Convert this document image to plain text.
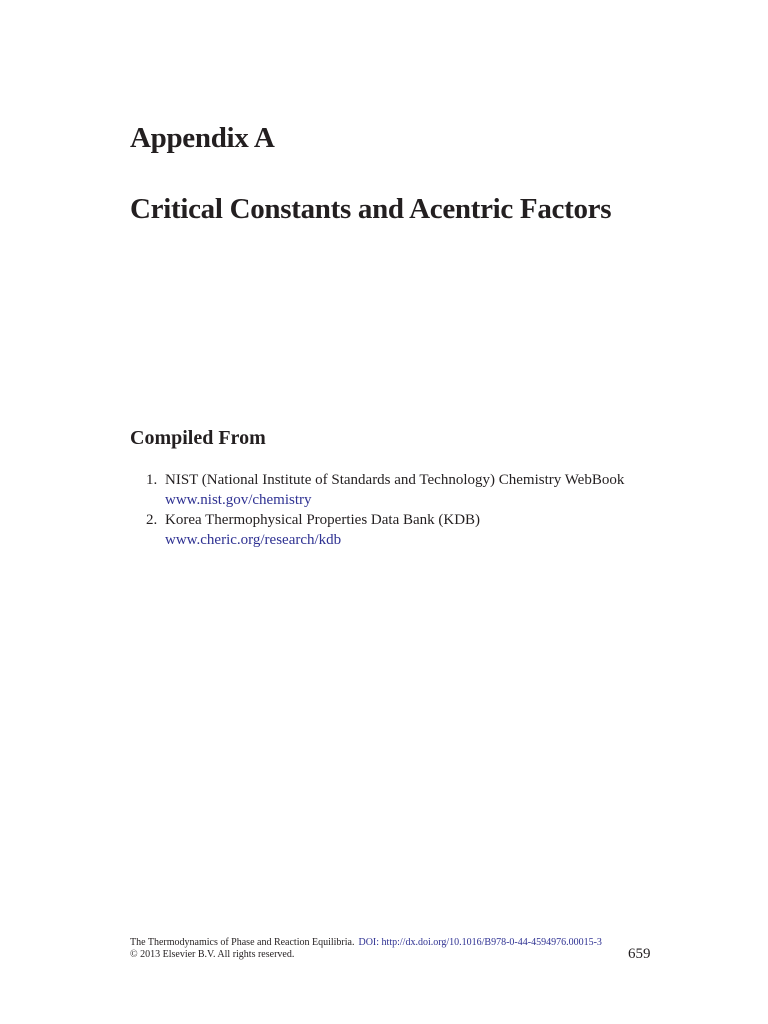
Appendix A
Critical Constants and Acentric Factors
Compiled From
1. NIST (National Institute of Standards and Technology) Chemistry WebBook
www.nist.gov/chemistry
2. Korea Thermophysical Properties Data Bank (KDB)
www.cheric.org/research/kdb
The Thermodynamics of Phase and Reaction Equilibria. DOI: http://dx.doi.org/10.1016/B978-0-44-4594976.00015-3
© 2013 Elsevier B.V. All rights reserved.	659
